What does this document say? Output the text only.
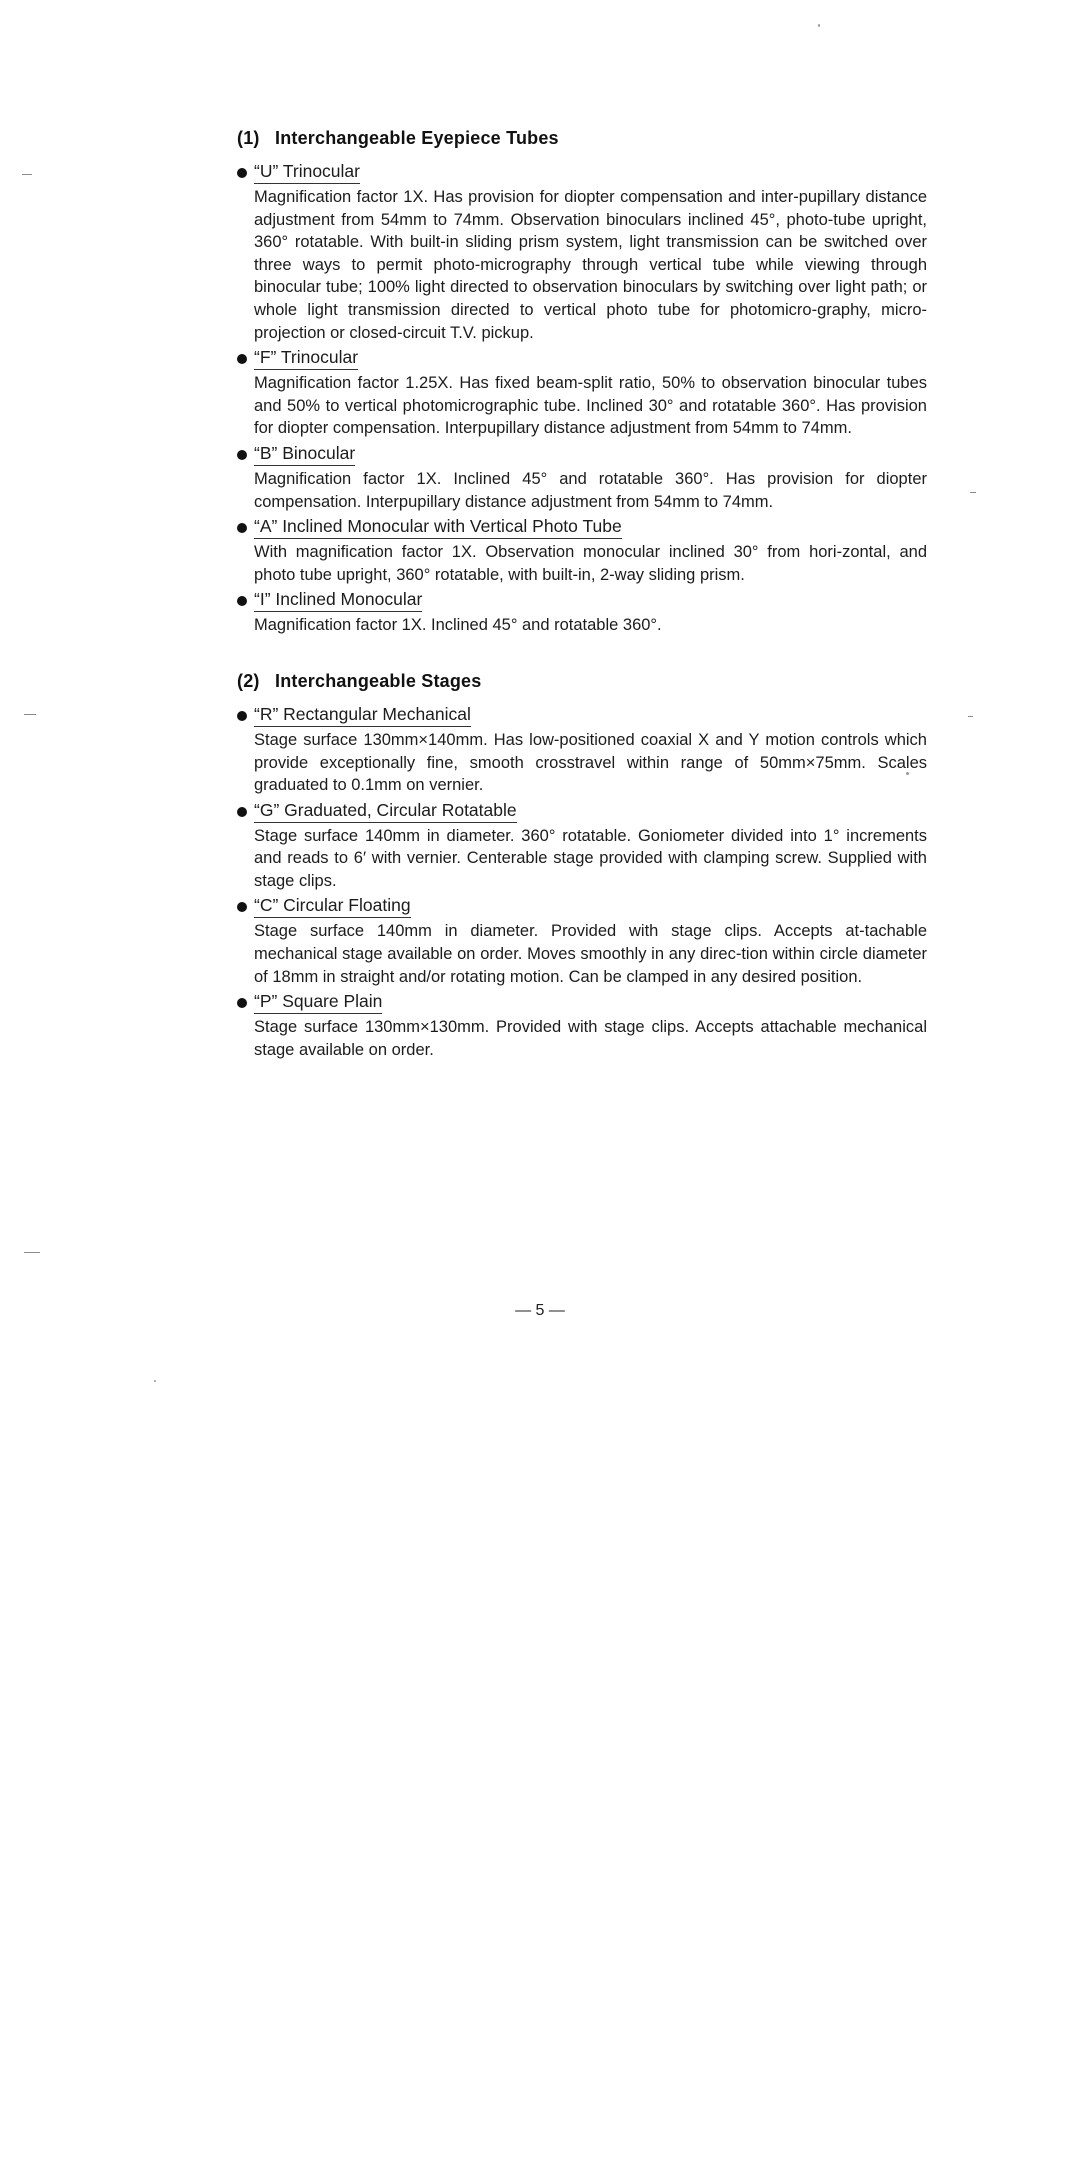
(1) Interchangeable Eyepiece Tubes
“U” Trinocular

Magnification factor 1X. Has provision for diopter compensation and inter-pupillary distance adjustment from 54mm to 74mm. Observation binoculars inclined 45°, photo-tube upright, 360° rotatable. With built-in sliding prism system, light transmission can be switched over three ways to permit photo-micrography through vertical tube while viewing through binocular tube; 100% light directed to observation binoculars by switching over light path; or whole light transmission directed to vertical photo tube for photomicro-graphy, micro-projection or closed-circuit T.V. pickup.

“F” Trinocular

Magnification factor 1.25X. Has fixed beam-split ratio, 50% to observation binocular tubes and 50% to vertical photomicrographic tube. Inclined 30° and rotatable 360°. Has provision for diopter compensation. Interpupillary distance adjustment from 54mm to 74mm.

“B” Binocular

Magnification factor 1X. Inclined 45° and rotatable 360°. Has provision for diopter compensation. Interpupillary distance adjustment from 54mm to 74mm.

“A” Inclined Monocular with Vertical Photo Tube

With magnification factor 1X. Observation monocular inclined 30° from hori-zontal, and photo tube upright, 360° rotatable, with built-in, 2-way sliding prism.

“I” Inclined Monocular

Magnification factor 1X. Inclined 45° and rotatable 360°.

(2) Interchangeable Stages
“R” Rectangular Mechanical

Stage surface 130mm×140mm. Has low-positioned coaxial X and Y motion controls which provide exceptionally fine, smooth crosstravel within range of 50mm×75mm. Scales graduated to 0.1mm on vernier.

“G” Graduated, Circular Rotatable

Stage surface 140mm in diameter. 360° rotatable. Goniometer divided into 1° increments and reads to 6′ with vernier. Centerable stage provided with clamping screw. Supplied with stage clips.

“C” Circular Floating

Stage surface 140mm in diameter. Provided with stage clips. Accepts at-tachable mechanical stage available on order. Moves smoothly in any direc-tion within circle diameter of 18mm in straight and/or rotating motion. Can be clamped in any desired position.

“P” Square Plain

Stage surface 130mm×130mm. Provided with stage clips. Accepts attachable mechanical stage available on order.

— 5 —
